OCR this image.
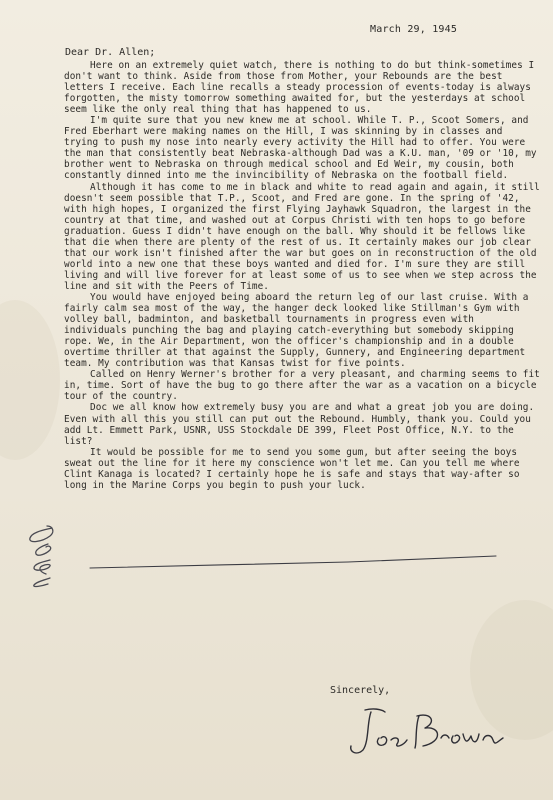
March 29, 1945
Dear Dr. Allen;

Here on an extremely quiet watch, there is nothing to do but think-sometimes I don't want to think. Aside from those from Mother, your Rebounds are the best letters I receive. Each line recalls a steady procession of events-today is always forgotten, the misty tomorrow something awaited for, but the yesterdays at school seem like the only real thing that has happened to us.

I'm quite sure that you new knew me at school. While T. P., Scoot Somers, and Fred Eberhart were making names on the Hill, I was skinning by in classes and trying to push my nose into nearly every activity the Hill had to offer. You were the man that consistently beat Nebraska-although Dad was a K.U. man, '09 or '10, my brother went to Nebraska on through medical school and Ed Weir, my cousin, both constantly dinned into me the invincibility of Nebraska on the football field.

Although it has come to me in black and white to read again and again, it still doesn't seem possible that T.P., Scoot, and Fred are gone. In the spring of '42, with high hopes, I organized the first Flying Jayhawk Squadron, the largest in the country at that time, and washed out at Corpus Christi with ten hops to go before graduation. Guess I didn't have enough on the ball. Why should it be fellows like that die when there are plenty of the rest of us. It certainly makes our job clear that our work isn't finished after the war but goes on in reconstruction of the old world into a new one that these boys wanted and died for. I'm sure they are still living and will live forever for at least some of us to see when we step across the line and sit with the Peers of Time.

You would have enjoyed being aboard the return leg of our last cruise. With a fairly calm sea most of the way, the hanger deck looked like Stillman's Gym with volley ball, badminton, and basketball tournaments in progress even with individuals punching the bag and playing catch-everything but somebody skipping rope. We, in the Air Department, won the officer's championship and in a double overtime thriller at that against the Supply, Gunnery, and Engineering department team. My contribution was that Kansas twist for five points.

Called on Henry Werner's brother for a very pleasant, and charming seems to fit in, time. Sort of have the bug to go there after the war as a vacation on a bicycle tour of the country.

Doc we all know how extremely busy you are and what a great job you are doing. Even with all this you still can put out the Rebound. Humbly, thank you. Could you add Lt. Emmett Park, USNR, USS Stockdale DE 399, Fleet Post Office, N.Y. to the list?

It would be possible for me to send you some gum, but after seeing the boys sweat out the line for it here my conscience won't let me. Can you tell me where Clint Kanaga is located? I certainly hope he is safe and stays that way-after so long in the Marine Corps you begin to push your luck.

Sincerely,
